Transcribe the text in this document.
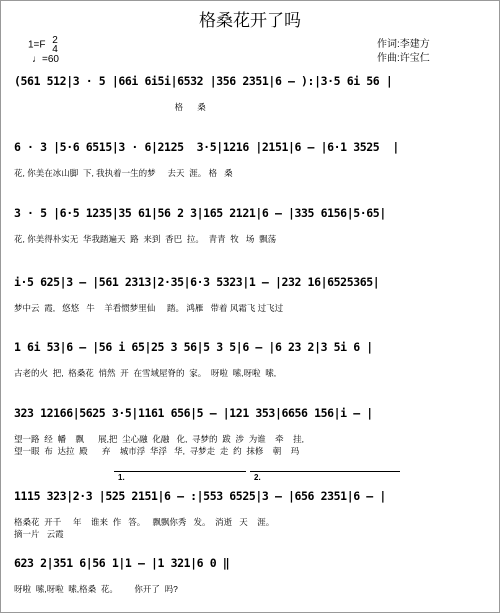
格桑花开了吗
1=F 2
4
♩=60
作词:李建方
作曲:许宝仁
(561 512|3 · 5 |66i 6i5i|6532 |356 2351|6 – ):|3·5 6i 56 |
格      桑
6 · 3 |5·6 6515|3 · 6|2125  3·5|1216 |2151|6 – |6·1 3525  |
花, 你美在冰山脚  下, 我执着一生的梦     去天  涯。 格   桑
3 · 5 |6·5 1235|35 61|56 2 3|165 2121|6 – |335 6156|5·65|
花, 你美得朴实无  华我踏遍天  路  来到  香巴  拉。  青青  牧   场  飘荡
i·5 625|3 – |561 2313|2·35|6·3 5323|1 – |232 16|6525365|
梦中云  霞,   悠悠   牛    羊看惯梦里仙     踏。 鸿雁   带着 风霜飞 过飞过
1 6i 53|6 – |56 i 65|25 3 56|5 3 5|6 – |6 23 2|3 5i 6 |
古老的火  把,  格桑花  悄然  开  在雪域屋脊的  家。  呀啦  嗦,呀啦  嗦,
323 12166|5625 3·5|1161 656|5 – |121 353|6656 156|i – |
望一路  经  幡    飘      展,把  尘心融  化融   化,  寻梦的  跋  涉  为谁    牵    挂,
望一眼  布  达拉  殿      弃    城市浮  华浮   华,  寻梦走  走  约  抹修    朝    玛
1.	2.
1115 323|2·3 |525 2151|6 – :|553 6525|3 – |656 2351|6 – |
格桑花  开千     年    谁来  作   答。   飘飘你秀   发。  消逝   天    涯。
摘一片   云霞
623 2|351 6|56 1|1 – |1 321|6 0 ‖
呀啦  嗦,呀啦  嗦,格桑  花。       你开了  吗?
